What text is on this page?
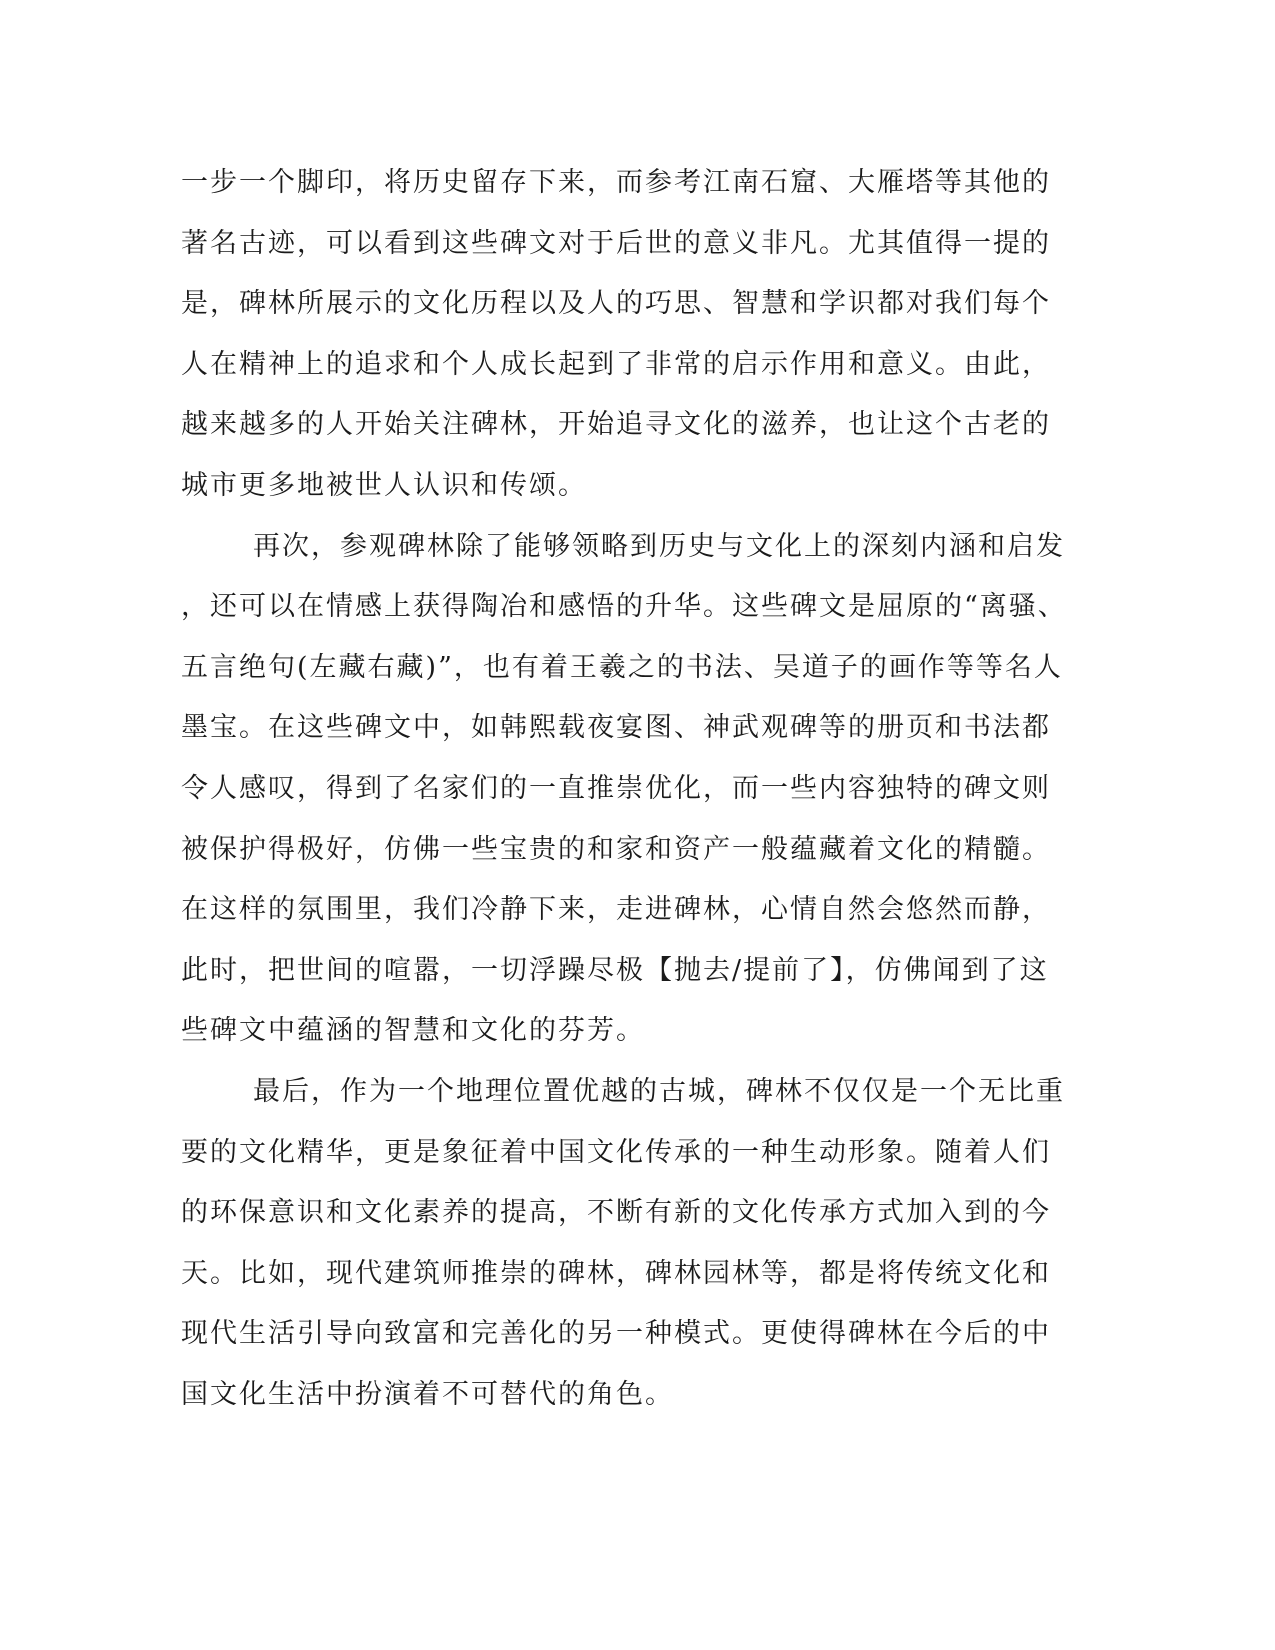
一步一个脚印，将历史留存下来，而参考江南石窟、大雁塔等其他的
著名古迹，可以看到这些碑文对于后世的意义非凡。尤其值得一提的
是，碑林所展示的文化历程以及人的巧思、智慧和学识都对我们每个
人在精神上的追求和个人成长起到了非常的启示作用和意义。由此，
越来越多的人开始关注碑林，开始追寻文化的滋养，也让这个古老的
城市更多地被世人认识和传颂。
再次，参观碑林除了能够领略到历史与文化上的深刻内涵和启发
，还可以在情感上获得陶冶和感悟的升华。这些碑文是屈原的“离骚、
五言绝句(左藏右藏)”，也有着王羲之的书法、吴道子的画作等等名人
墨宝。在这些碑文中，如韩熙载夜宴图、神武观碑等的册页和书法都
令人感叹，得到了名家们的一直推崇优化，而一些内容独特的碑文则
被保护得极好，仿佛一些宝贵的和家和资产一般蕴藏着文化的精髓。
在这样的氛围里，我们冷静下来，走进碑林，心情自然会悠然而静，
此时，把世间的喧嚣，一切浮躁尽极【抛去/提前了】，仿佛闻到了这
些碑文中蕴涵的智慧和文化的芬芳。
最后，作为一个地理位置优越的古城，碑林不仅仅是一个无比重
要的文化精华，更是象征着中国文化传承的一种生动形象。随着人们
的环保意识和文化素养的提高，不断有新的文化传承方式加入到的今
天。比如，现代建筑师推崇的碑林，碑林园林等，都是将传统文化和
现代生活引导向致富和完善化的另一种模式。更使得碑林在今后的中
国文化生活中扮演着不可替代的角色。
